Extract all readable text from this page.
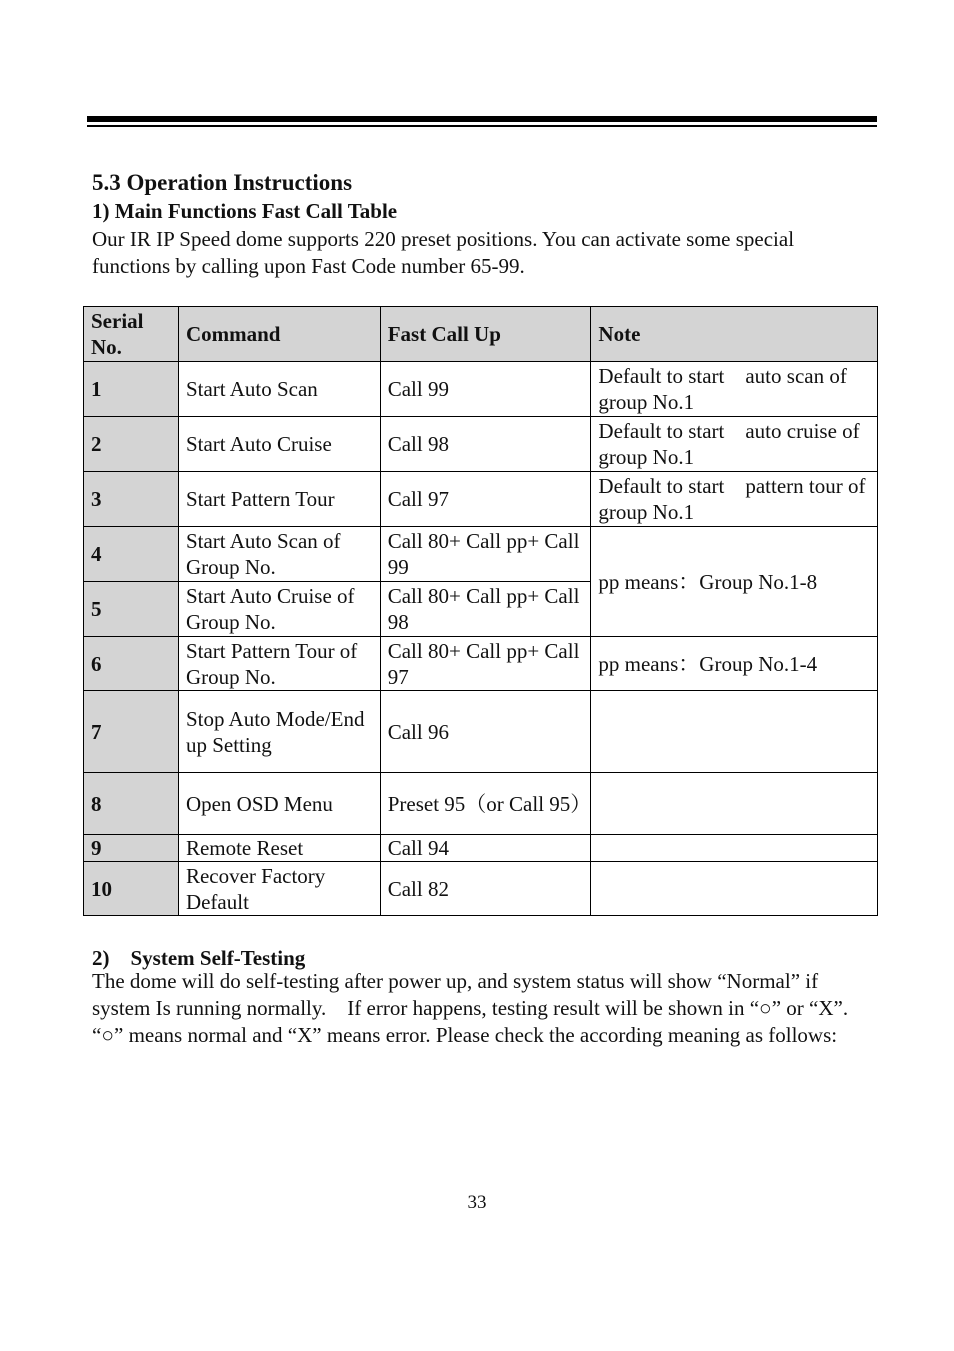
5.3 Operation Instructions
1) Main Functions Fast Call Table
Our IR IP Speed dome supports 220 preset positions. You can activate some special functions by calling upon Fast Code number 65-99.
Serial No.	Command	Fast Call Up	Note
1	Start Auto Scan	Call 99	Default to start　auto scan of group No.1
2	Start Auto Cruise	Call 98	Default to start　auto cruise of group No.1
3	Start Pattern Tour	Call 97	Default to start　pattern tour of group No.1
4	Start Auto Scan of Group No.	Call 80+ Call pp+ Call 99	pp means：Group No.1-8
5	Start Auto Cruise of Group No.	Call 80+ Call pp+ Call 98	
6	Start Pattern Tour of Group No.	Call 80+ Call pp+ Call 97	pp means：Group No.1-4
7	Stop Auto Mode/End up Setting	Call 96	
8	Open OSD Menu	Preset 95（or Call 95）	
9	Remote Reset	Call 94	
10	Recover Factory Default	Call 82	
2)　System Self-Testing
The dome will do self-testing after power up, and system status will show “Normal” if system Is running normally.　If error happens, testing result will be shown in “○” or “X”. “○” means normal and “X” means error. Please check the according meaning as follows:
33
